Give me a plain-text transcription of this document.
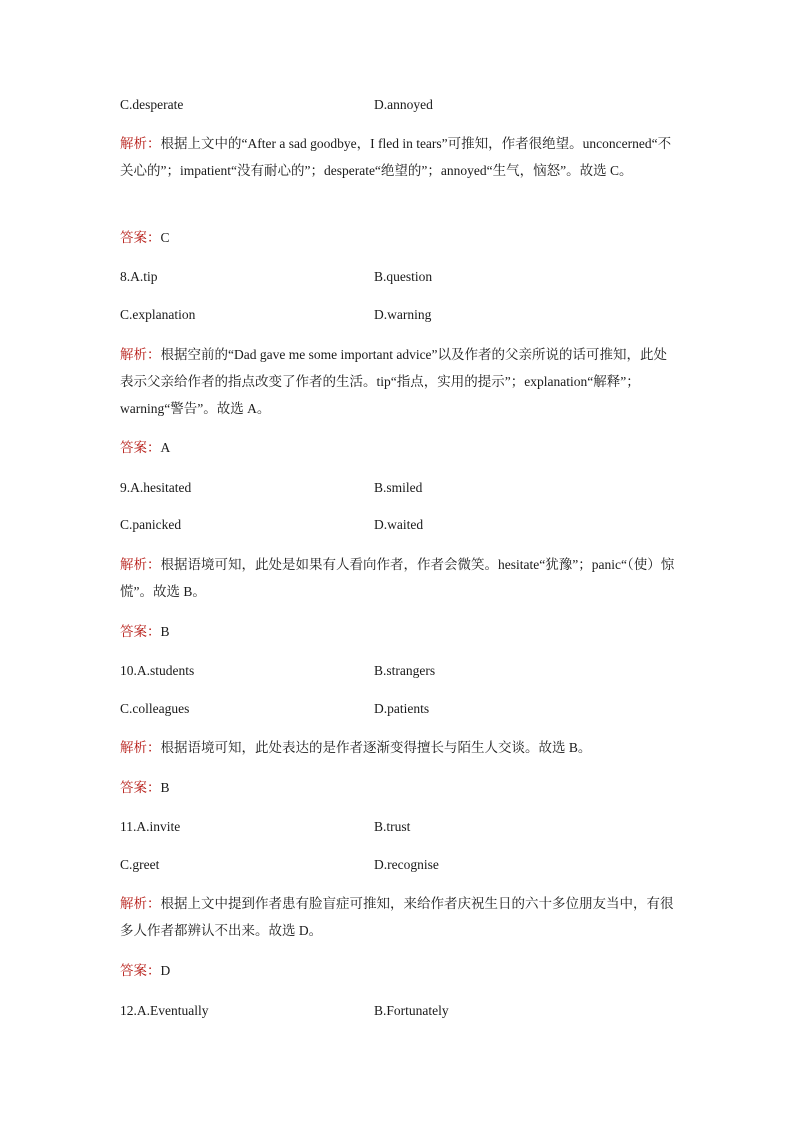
C.desperate	D.annoyed
解析：根据上文中的“After a sad goodbye，I fled in tears”可推知，作者很绝望。unconcerned“不关心的”；impatient“没有耐心的”；desperate“绝望的”；annoyed“生气，恼怒”。故选 C。
答案：C
8.A.tip	B.question
C.explanation	D.warning
解析：根据空前的“Dad gave me some important advice”以及作者的父亲所说的话可推知，此处表示父亲给作者的指点改变了作者的生活。tip“指点，实用的提示”；explanation“解释”；warning“警告”。故选 A。
答案：A
9.A.hesitated	B.smiled
C.panicked	D.waited
解析：根据语境可知，此处是如果有人看向作者，作者会微笑。hesitate“犹豫”；panic“（使）惊慌”。故选 B。
答案：B
10.A.students	B.strangers
C.colleagues	D.patients
解析：根据语境可知，此处表达的是作者逐渐变得擅长与陌生人交谈。故选 B。
答案：B
11.A.invite	B.trust
C.greet	D.recognise
解析：根据上文中提到作者患有脸盲症可推知，来给作者庆祝生日的六十多位朋友当中，有很多人作者都辨认不出来。故选 D。
答案：D
12.A.Eventually	B.Fortunately
